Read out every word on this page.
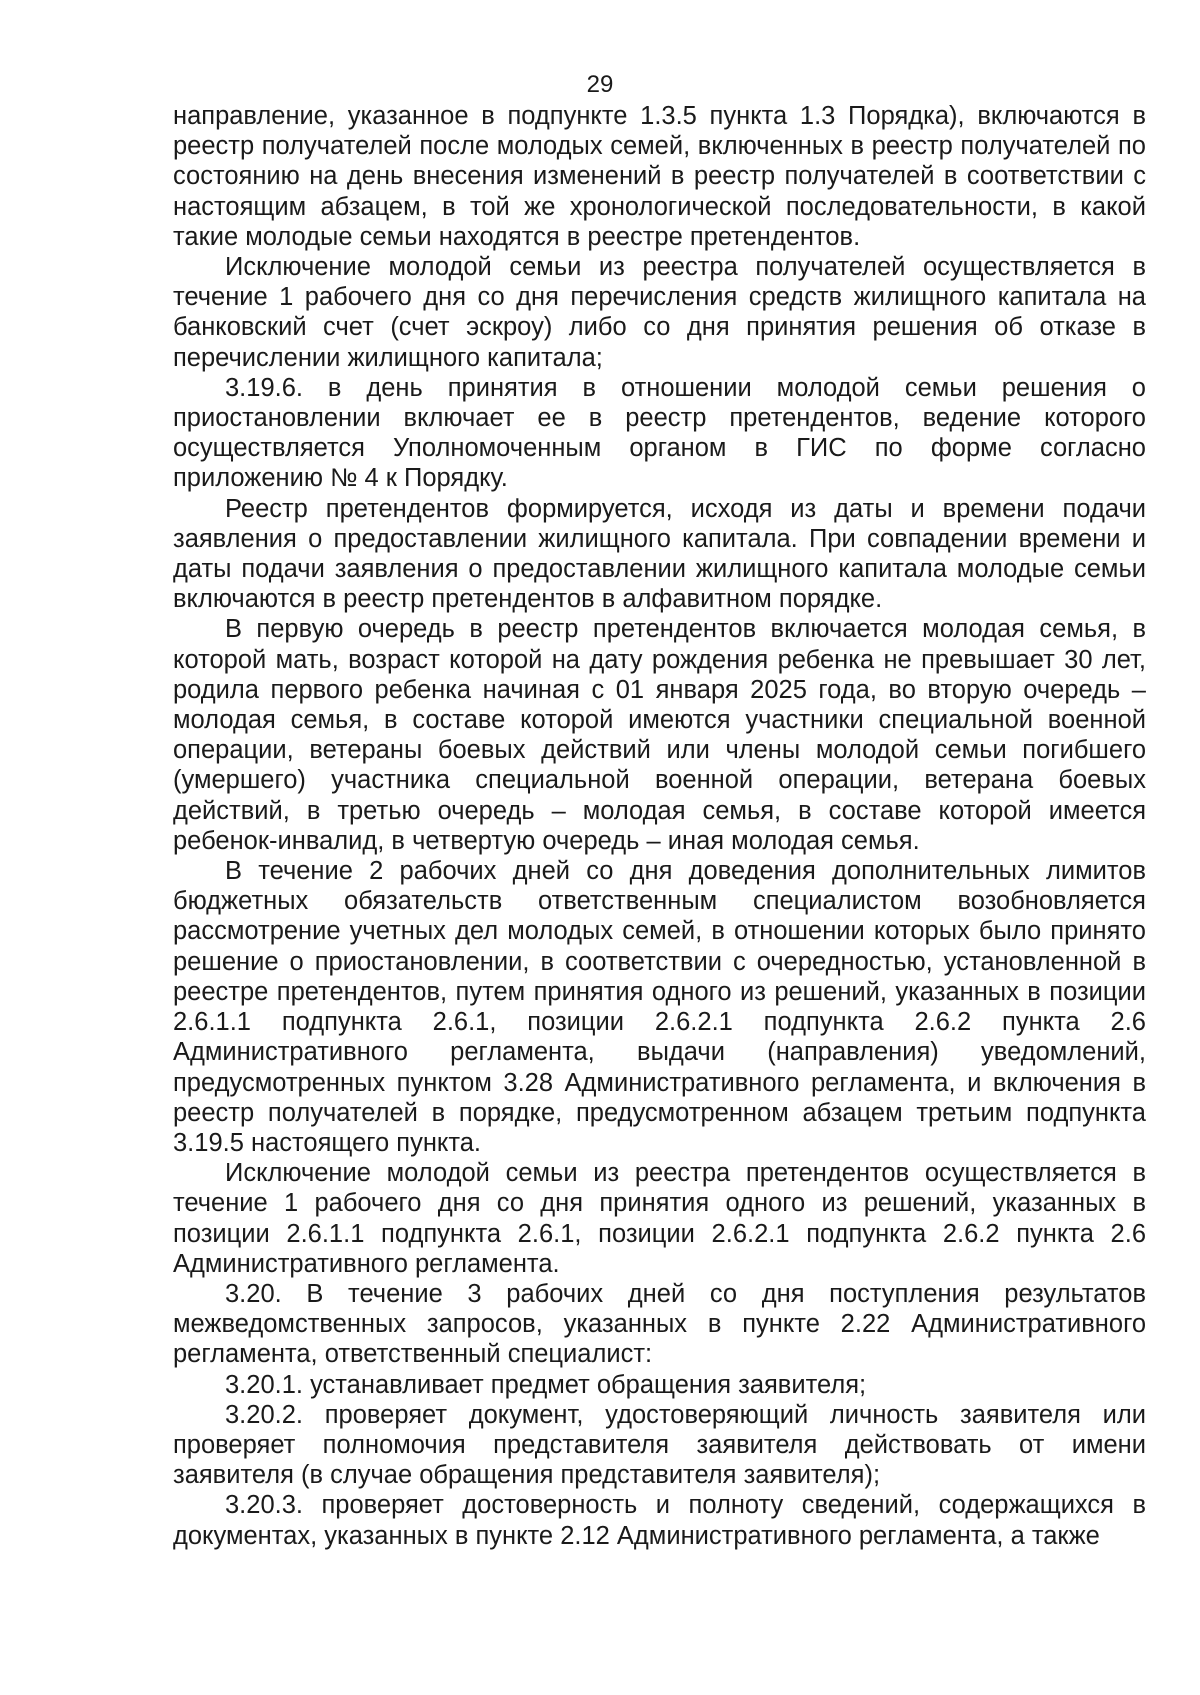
29

направление, указанное в подпункте 1.3.5 пункта 1.3 Порядка), включаются в реестр получателей после молодых семей, включенных в реестр получателей по состоянию на день внесения изменений в реестр получателей в соответствии с настоящим абзацем, в той же хронологической последовательности, в какой такие молодые семьи находятся в реестре претендентов.

Исключение молодой семьи из реестра получателей осуществляется в течение 1 рабочего дня со дня перечисления средств жилищного капитала на банковский счет (счет эскроу) либо со дня принятия решения об отказе в перечислении жилищного капитала;

3.19.6. в день принятия в отношении молодой семьи решения о приостановлении включает ее в реестр претендентов, ведение которого осуществляется Уполномоченным органом в ГИС по форме согласно приложению № 4 к Порядку.

Реестр претендентов формируется, исходя из даты и времени подачи заявления о предоставлении жилищного капитала. При совпадении времени и даты подачи заявления о предоставлении жилищного капитала молодые семьи включаются в реестр претендентов в алфавитном порядке.

В первую очередь в реестр претендентов включается молодая семья, в которой мать, возраст которой на дату рождения ребенка не превышает 30 лет, родила первого ребенка начиная с 01 января 2025 года, во вторую очередь – молодая семья, в составе которой имеются участники специальной военной операции, ветераны боевых действий или члены молодой семьи погибшего (умершего) участника специальной военной операции, ветерана боевых действий, в третью очередь – молодая семья, в составе которой имеется ребенок-инвалид, в четвертую очередь – иная молодая семья.

В течение 2 рабочих дней со дня доведения дополнительных лимитов бюджетных обязательств ответственным специалистом возобновляется рассмотрение учетных дел молодых семей, в отношении которых было принято решение о приостановлении, в соответствии с очередностью, установленной в реестре претендентов, путем принятия одного из решений, указанных в позиции 2.6.1.1 подпункта 2.6.1, позиции 2.6.2.1 подпункта 2.6.2 пункта 2.6 Административного регламента, выдачи (направления) уведомлений, предусмотренных пунктом 3.28 Административного регламента, и включения в реестр получателей в порядке, предусмотренном абзацем третьим подпункта 3.19.5 настоящего пункта.

Исключение молодой семьи из реестра претендентов осуществляется в течение 1 рабочего дня со дня принятия одного из решений, указанных в позиции 2.6.1.1 подпункта 2.6.1, позиции 2.6.2.1 подпункта 2.6.2 пункта 2.6 Административного регламента.

3.20. В течение 3 рабочих дней со дня поступления результатов межведомственных запросов, указанных в пункте 2.22 Административного регламента, ответственный специалист:

3.20.1. устанавливает предмет обращения заявителя;

3.20.2. проверяет документ, удостоверяющий личность заявителя или проверяет полномочия представителя заявителя действовать от имени заявителя (в случае обращения представителя заявителя);

3.20.3. проверяет достоверность и полноту сведений, содержащихся в документах, указанных в пункте 2.12 Административного регламента, а также
